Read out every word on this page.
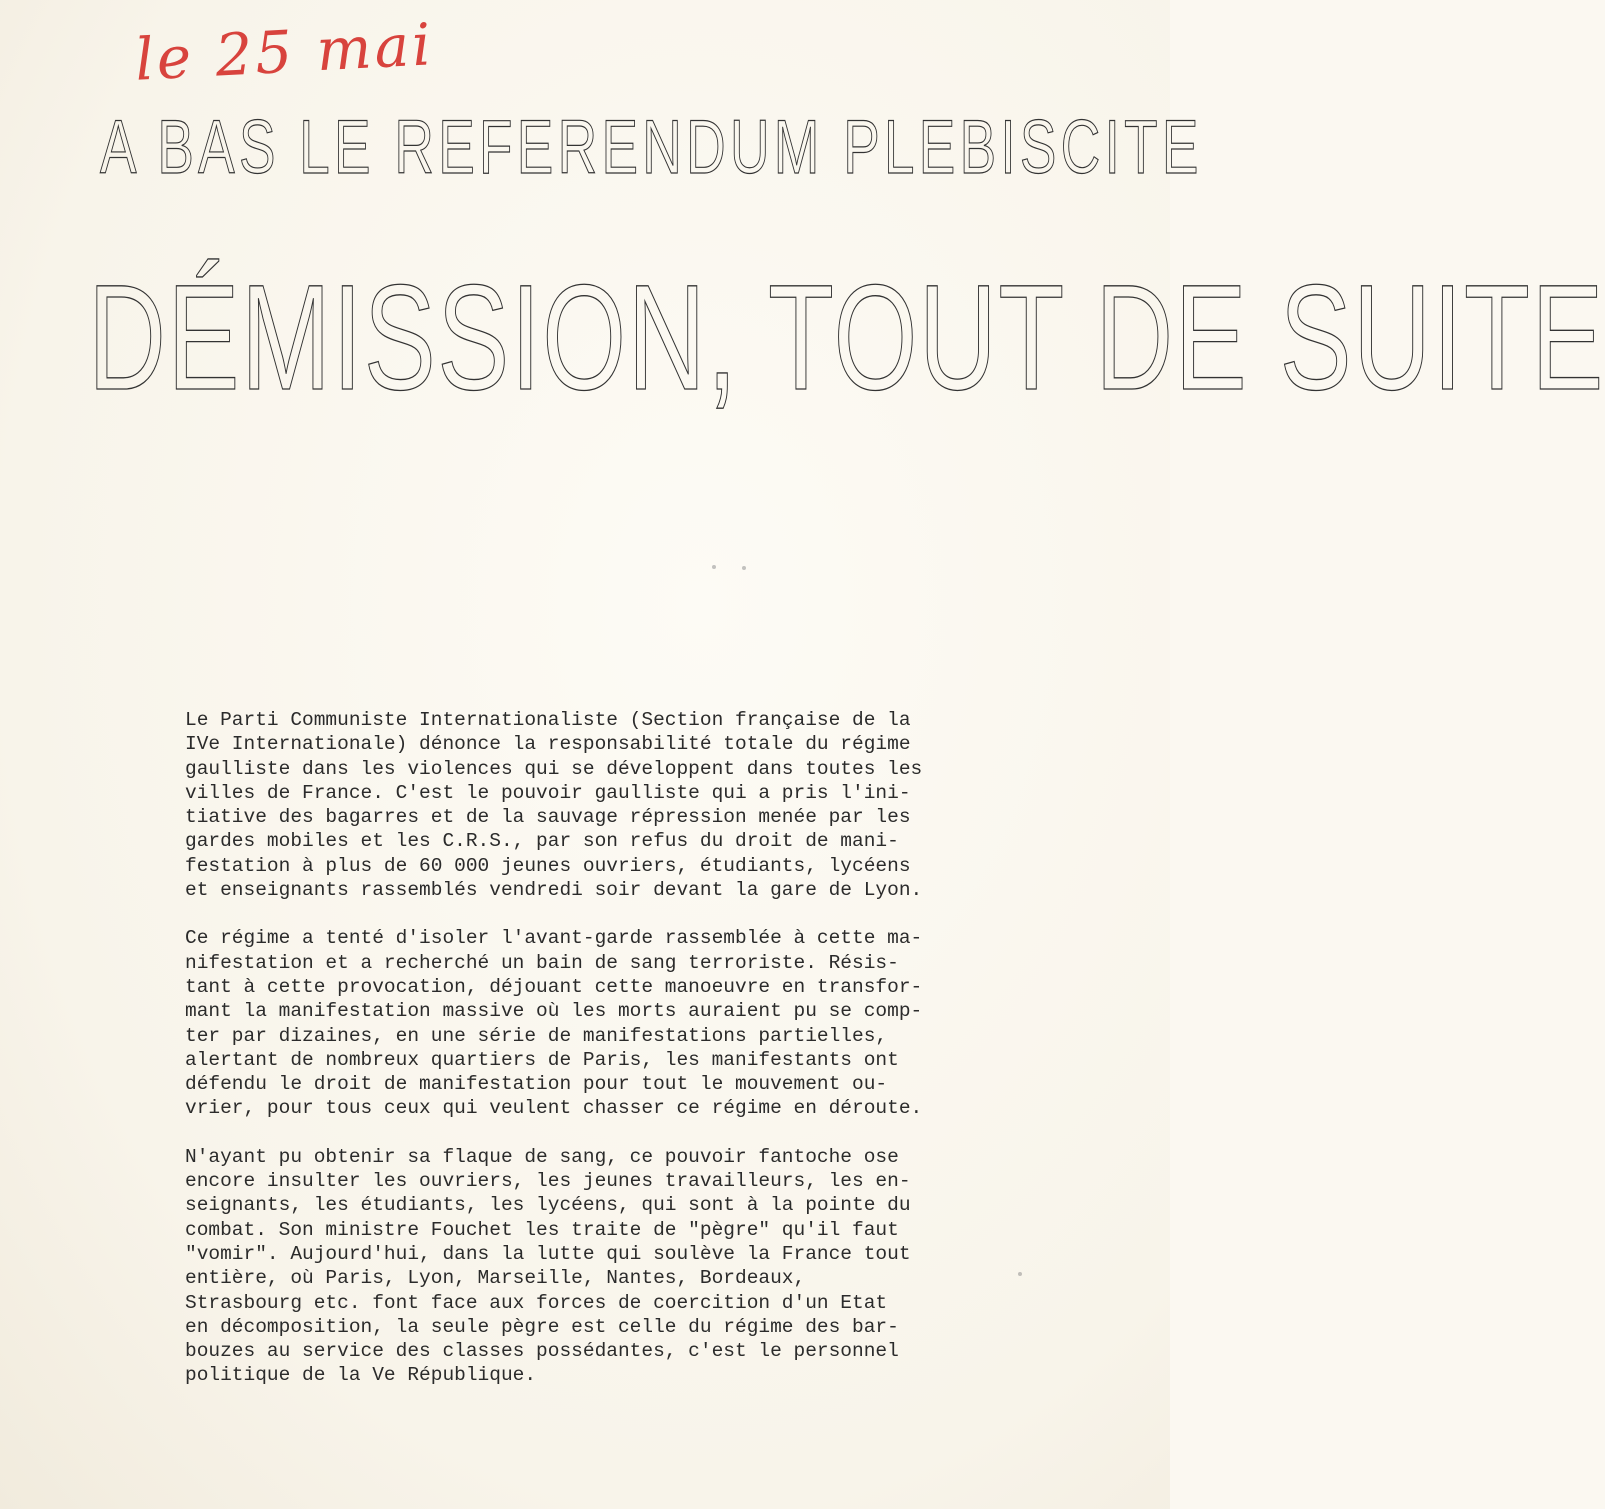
le 25 mai
A BAS LE REFERENDUM PLEBISCITE
DÉMISSION, TOUT DE SUITE

Le Parti Communiste Internationaliste (Section française de la
IVe Internationale) dénonce la responsabilité totale du régime
gaulliste dans les violences qui se développent dans toutes les
villes de France. C'est le pouvoir gaulliste qui a pris l'ini-
tiative des bagarres et de la sauvage répression menée par les
gardes mobiles et les C.R.S., par son refus du droit de mani-
festation à plus de 60 000 jeunes ouvriers, étudiants, lycéens
et enseignants rassemblés vendredi soir devant la gare de Lyon.

Ce régime a tenté d'isoler l'avant-garde rassemblée à cette ma-
nifestation et a recherché un bain de sang terroriste. Résis-
tant à cette provocation, déjouant cette manoeuvre en transfor-
mant la manifestation massive où les morts auraient pu se comp-
ter par dizaines, en une série de manifestations partielles,
alertant de nombreux quartiers de Paris, les manifestants ont
défendu le droit de manifestation pour tout le mouvement ou-
vrier, pour tous ceux qui veulent chasser ce régime en déroute.

N'ayant pu obtenir sa flaque de sang, ce pouvoir fantoche ose
encore insulter les ouvriers, les jeunes travailleurs, les en-
seignants, les étudiants, les lycéens, qui sont à la pointe du
combat. Son ministre Fouchet les traite de "pègre" qu'il faut
"vomir". Aujourd'hui, dans la lutte qui soulève la France tout
entière, où Paris, Lyon, Marseille, Nantes, Bordeaux,
Strasbourg etc. font face aux forces de coercition d'un Etat
en décomposition, la seule pègre est celle du régime des bar-
bouzes au service des classes possédantes, c'est le personnel
politique de la Ve République.
